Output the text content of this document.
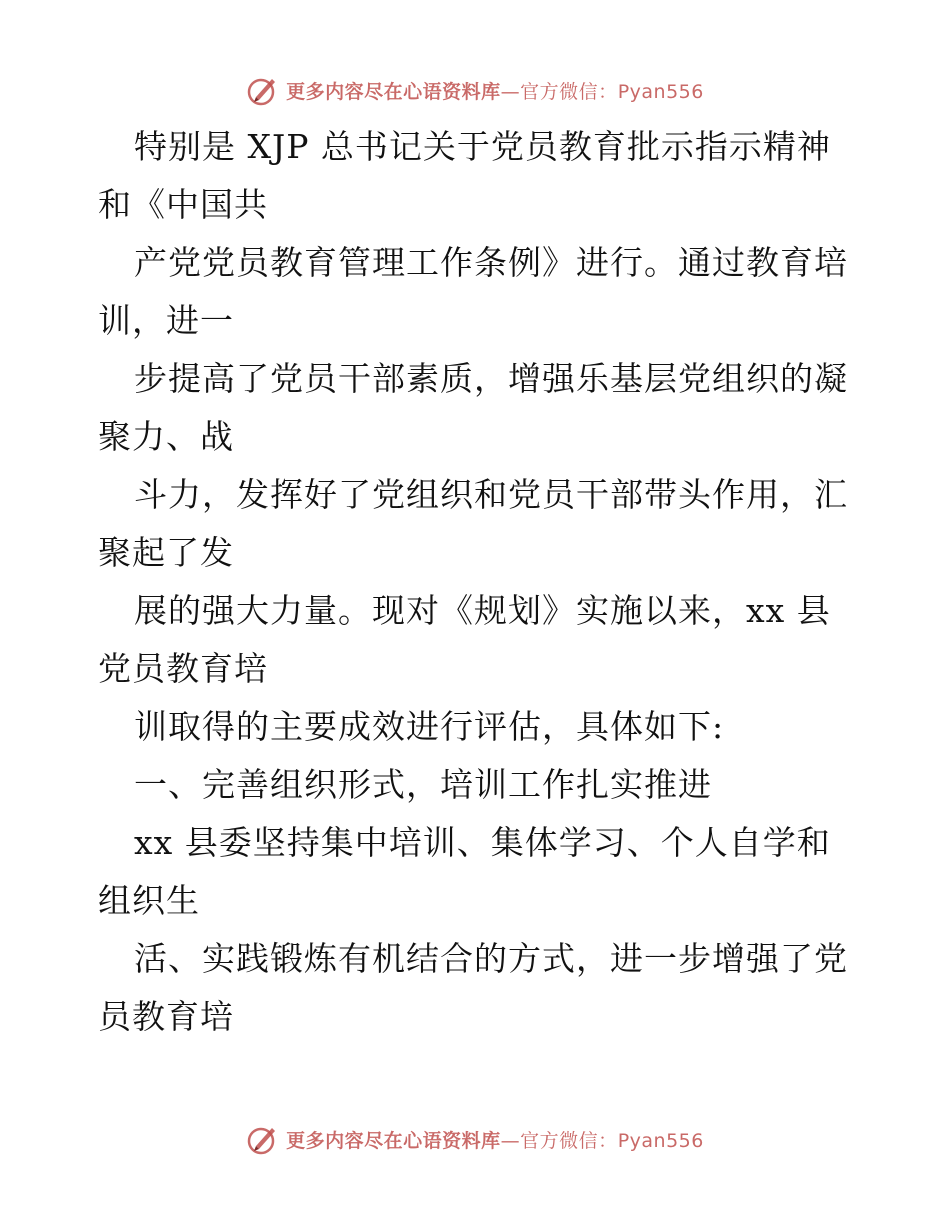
更多内容尽在心语资料库—官方微信：Pyan556
特别是 XJP 总书记关于党员教育批示指示精神
和《中国共
产党党员教育管理工作条例》进行。通过教育培
训，进一
步提高了党员干部素质，增强乐基层党组织的凝
聚力、战
斗力，发挥好了党组织和党员干部带头作用，汇
聚起了发
展的强大力量。现对《规划》实施以来，xx 县
党员教育培
训取得的主要成效进行评估，具体如下:
一、完善组织形式，培训工作扎实推进
xx 县委坚持集中培训、集体学习、个人自学和
组织生
活、实践锻炼有机结合的方式，进一步增强了党
员教育培
更多内容尽在心语资料库—官方微信：Pyan556
